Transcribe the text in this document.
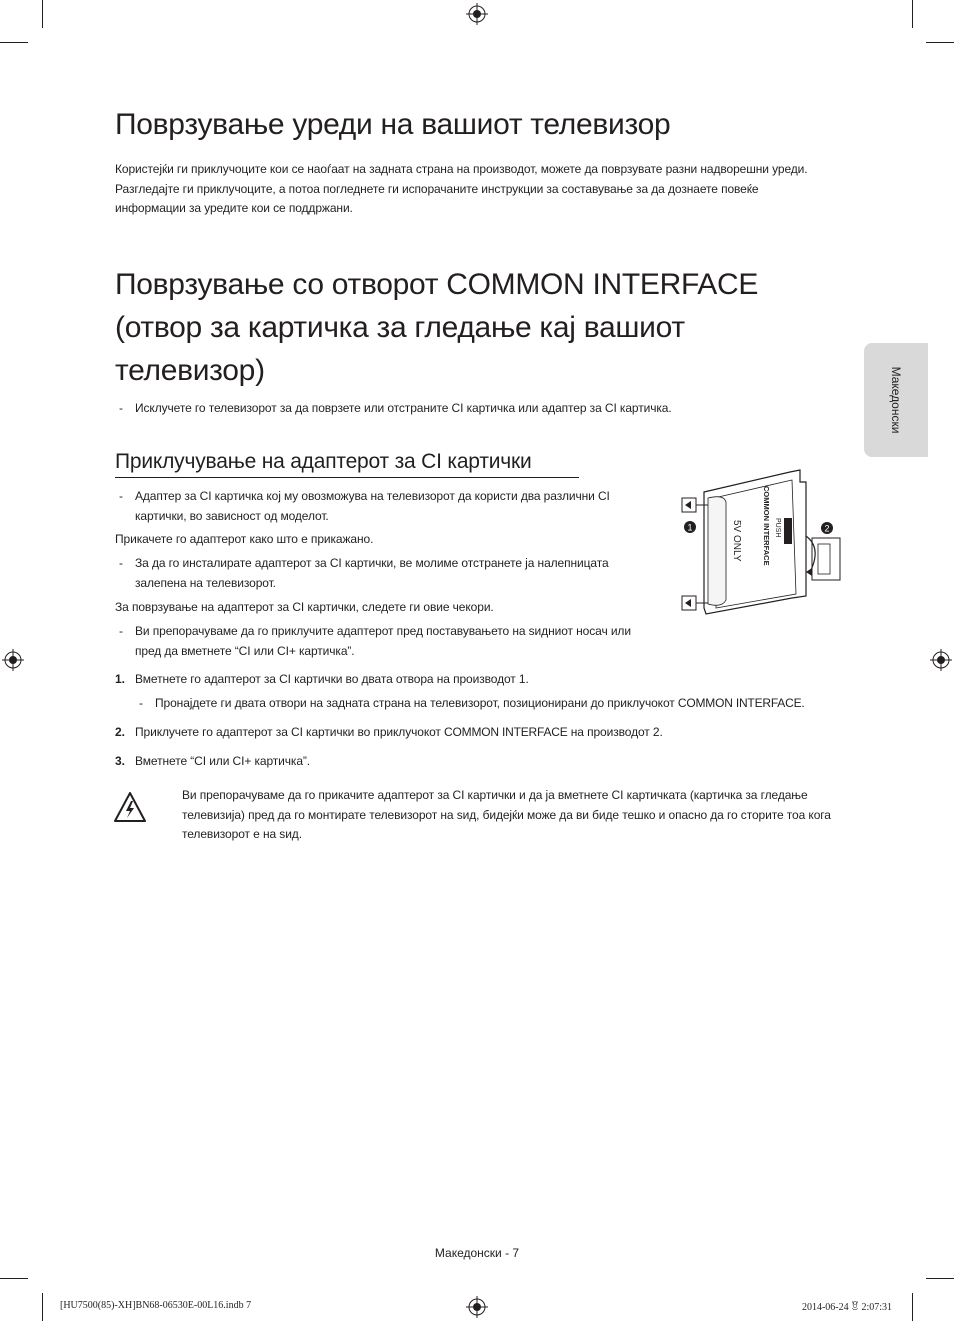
Македонски
Поврзување уреди на вашиот телевизор
Користејќи ги приклучоците кои се наоѓаат на задната страна на производот, можете да поврзувате разни надворешни уреди. Разгледајте ги приклучоците, а потоа погледнете ги испорачаните инструкции за составување за да дознаете повеќе информации за уредите кои се поддржани.
Поврзување со отворот COMMON INTERFACE (отвор за картичка за гледање кај вашиот телевизор)
- Исклучете го телевизорот за да поврзете или отстраните CI картичка или адаптер за CI картичка.
Приклучување на адаптерот за CI картички
- Адаптер за CI картичка кој му овозможува на телевизорот да користи два различни CI картички, во зависност од моделот.
Прикачете го адаптерот како што е прикажано.
- За да го инсталирате адаптерот за CI картички, ве молиме отстранете ја налепницата залепена на телевизорот.
За поврзување на адаптерот за CI картички, следете ги овие чекори.
- Ви препорачуваме да го приклучите адаптерот пред поставувањето на ѕидниот носач или пред да вметнете “CI или CI+ картичка”.
1. Вметнете го адаптерот за CI картички во двата отвора на производот 1.
- Пронајдете ги двата отвори на задната страна на телевизорот, позиционирани до приклучокот COMMON INTERFACE.
2. Приклучете го адаптерот за CI картички во приклучокот COMMON INTERFACE на производот 2.
3. Вметнете “CI или CI+ картичка”.
Ви препорачуваме да го прикачите адаптерот за CI картички и да ја вметнете CI картичката (картичка за гледање телевизија) пред да го монтирате телевизорот на ѕид, бидејќи може да ви биде тешко и опасно да го сторите тоа кога телевизорот е на ѕид.
1	2
PUSH
COMMON INTERFACE
5V ONLY
Македонски - 7
[HU7500(85)-XH]BN68-06530E-00L16.indb 7	2014-06-24 ꆚ 2:07:31
